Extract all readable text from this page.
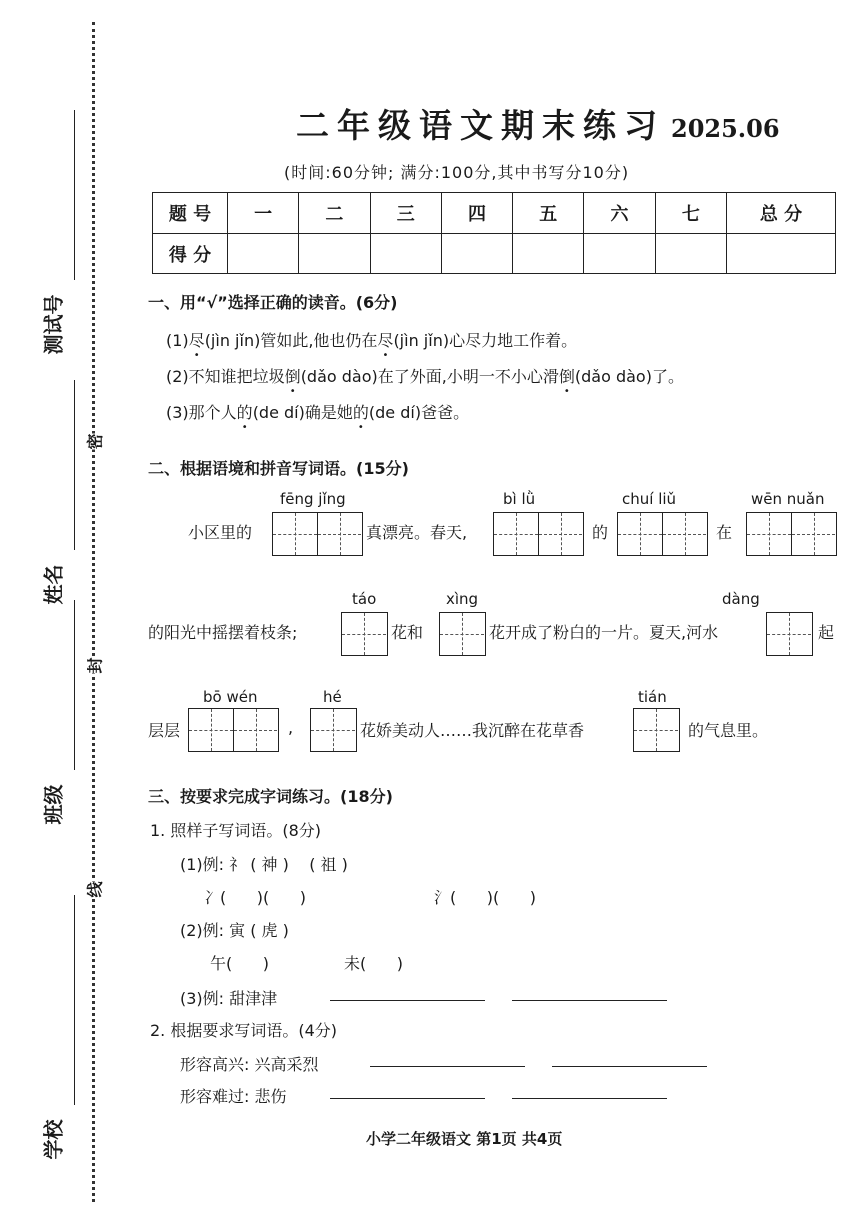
测试号
姓名
班级
学校
密
封
线
二年级语文期末练习 2025.06
(时间:60分钟; 满分:100分,其中书写分10分)
题 号	一	二	三	四	五	六	七	总 分
得 分								
一、用“√”选择正确的读音。(6分)
(1)尽(jìn jǐn)管如此,他也仍在尽(jìn jǐn)心尽力地工作着。
(2)不知谁把垃圾倒(dǎo dào)在了外面,小明一不小心滑倒(dǎo dào)了。
(3)那个人的(de dí)确是她的(de dí)爸爸。
二、根据语境和拼音写词语。(15分)
fēng jǐng	bì lǜ	chuí liǔ	wēn nuǎn
小区里的	真漂亮。春天,	的	在
táo	xìng	dàng
的阳光中摇摆着枝条;	花和	花开成了粉白的一片。夏天,河水	起
bō wén	hé	tián
层层	,	花娇美动人……我沉醉在花草香	的气息里。
三、按要求完成字词练习。(18分)
1. 照样子写词语。(8分)
(1)例: 礻 ( 神 )    ( 祖 )
冫(      )(      )	氵(      )(      )
(2)例: 寅 ( 虎 )
午(      )	未(      )
(3)例: 甜津津
2. 根据要求写词语。(4分)
形容高兴: 兴高采烈
形容难过: 悲伤
小学二年级语文 第1页 共4页
